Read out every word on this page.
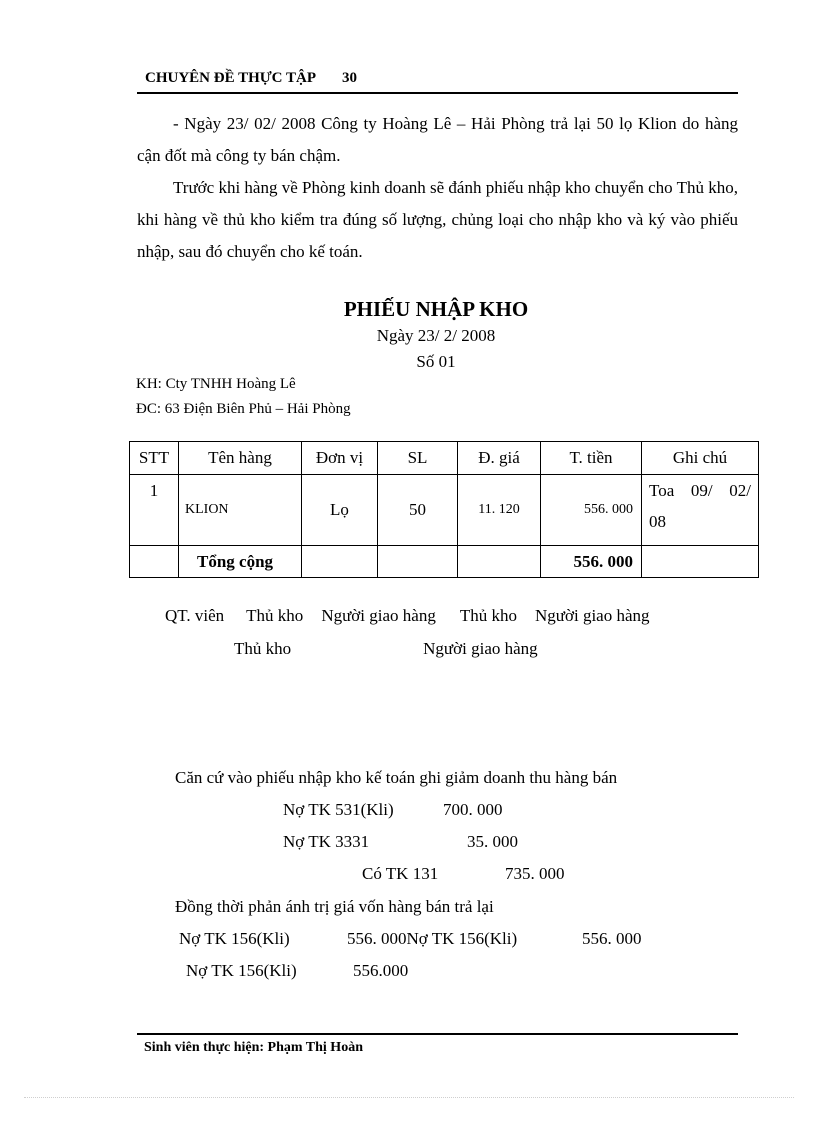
CHUYÊN ĐỀ THỰC TẬP 30
- Ngày 23/ 02/ 2008 Công ty Hoàng Lê – Hải Phòng trả lại 50 lọ Klion do hàng cận đốt mà công ty bán chậm.
Trước khi hàng về Phòng kinh doanh sẽ đánh phiếu nhập kho chuyển cho Thủ kho, khi hàng về thủ kho kiểm tra đúng số lượng, chủng loại cho nhập kho và ký vào phiếu nhập, sau đó chuyển cho kế toán.
PHIẾU NHẬP KHO
Ngày 23/ 2/ 2008
Số 01
KH: Cty TNHH Hoàng Lê
ĐC: 63 Điện Biên Phủ – Hải Phòng
STT	Tên hàng	Đơn vị	SL	Đ. giá	T. tiền	Ghi chú
1	KLION	Lọ	50	11. 120	556. 000	Toa 09/ 02/
08

	Tổng cộng				556. 000	
QT. viên Thủ kho Người giao hàng Thủ kho Người giao hàng
Thủ kho	Người giao hàng
Căn cứ vào phiếu nhập kho kế toán ghi giảm doanh thu hàng bán
Nợ TK 531(Kli)	700. 000
Nợ TK 3331	35. 000
Có TK 131	735. 000
Đồng thời phản ánh trị giá vốn hàng bán trả lại
Nợ TK 156(Kli)	556. 000Nợ TK 156(Kli)	556. 000
Nợ TK 156(Kli)	556.000
Sinh viên thực hiện: Phạm Thị Hoàn
